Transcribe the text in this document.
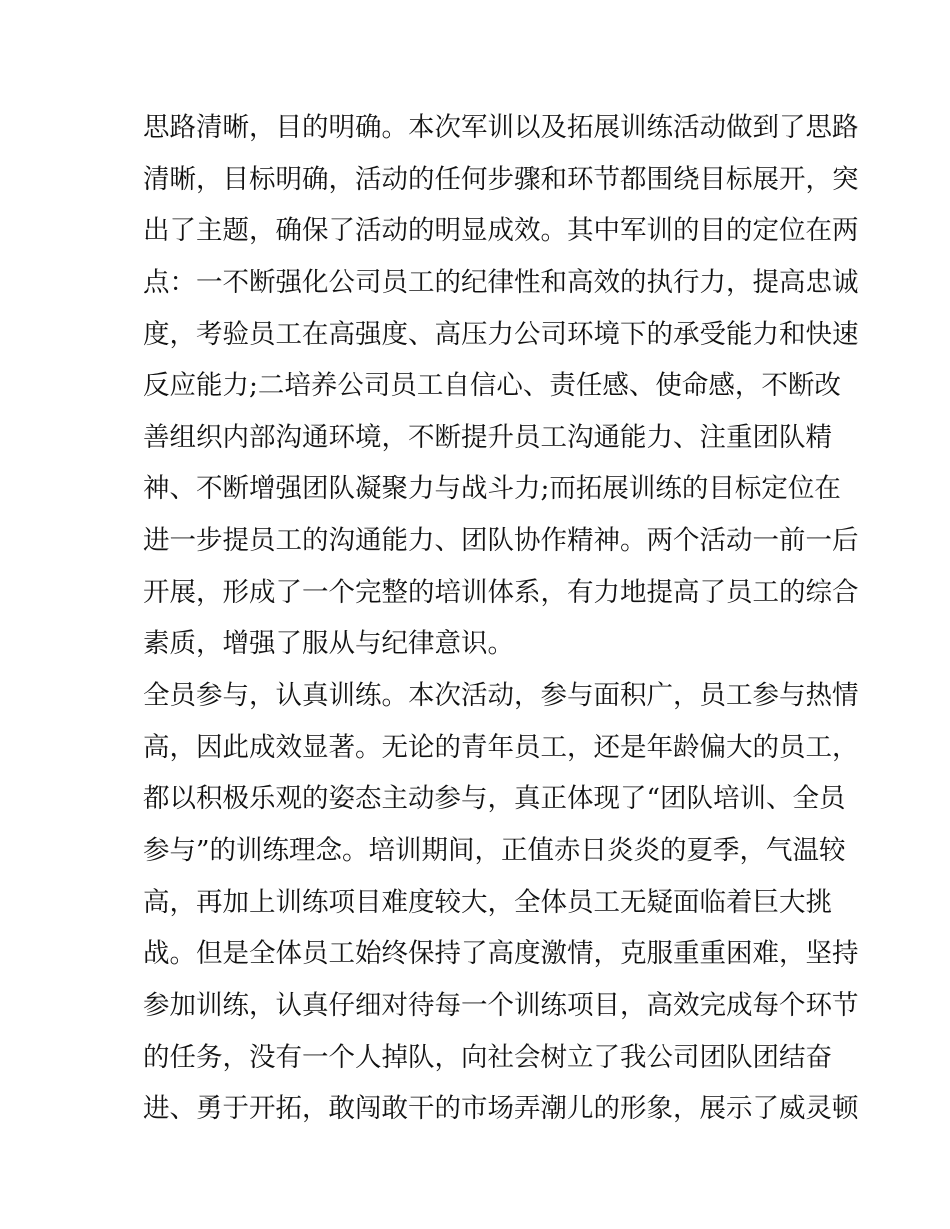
思路清晰，目的明确。本次军训以及拓展训练活动做到了思路
清晰，目标明确，活动的任何步骤和环节都围绕目标展开，突
出了主题，确保了活动的明显成效。其中军训的目的定位在两
点：一不断强化公司员工的纪律性和高效的执行力，提高忠诚
度，考验员工在高强度、高压力公司环境下的承受能力和快速
反应能力;二培养公司员工自信心、责任感、使命感，不断改
善组织内部沟通环境，不断提升员工沟通能力、注重团队精
神、不断增强团队凝聚力与战斗力;而拓展训练的目标定位在
进一步提员工的沟通能力、团队协作精神。两个活动一前一后
开展，形成了一个完整的培训体系，有力地提高了员工的综合
素质，增强了服从与纪律意识。
全员参与，认真训练。本次活动，参与面积广，员工参与热情
高，因此成效显著。无论的青年员工，还是年龄偏大的员工，
都以积极乐观的姿态主动参与，真正体现了“团队培训、全员
参与”的训练理念。培训期间，正值赤日炎炎的夏季，气温较
高，再加上训练项目难度较大，全体员工无疑面临着巨大挑
战。但是全体员工始终保持了高度激情，克服重重困难，坚持
参加训练，认真仔细对待每一个训练项目，高效完成每个环节
的任务，没有一个人掉队，向社会树立了我公司团队团结奋
进、勇于开拓，敢闯敢干的市场弄潮儿的形象，展示了威灵顿
